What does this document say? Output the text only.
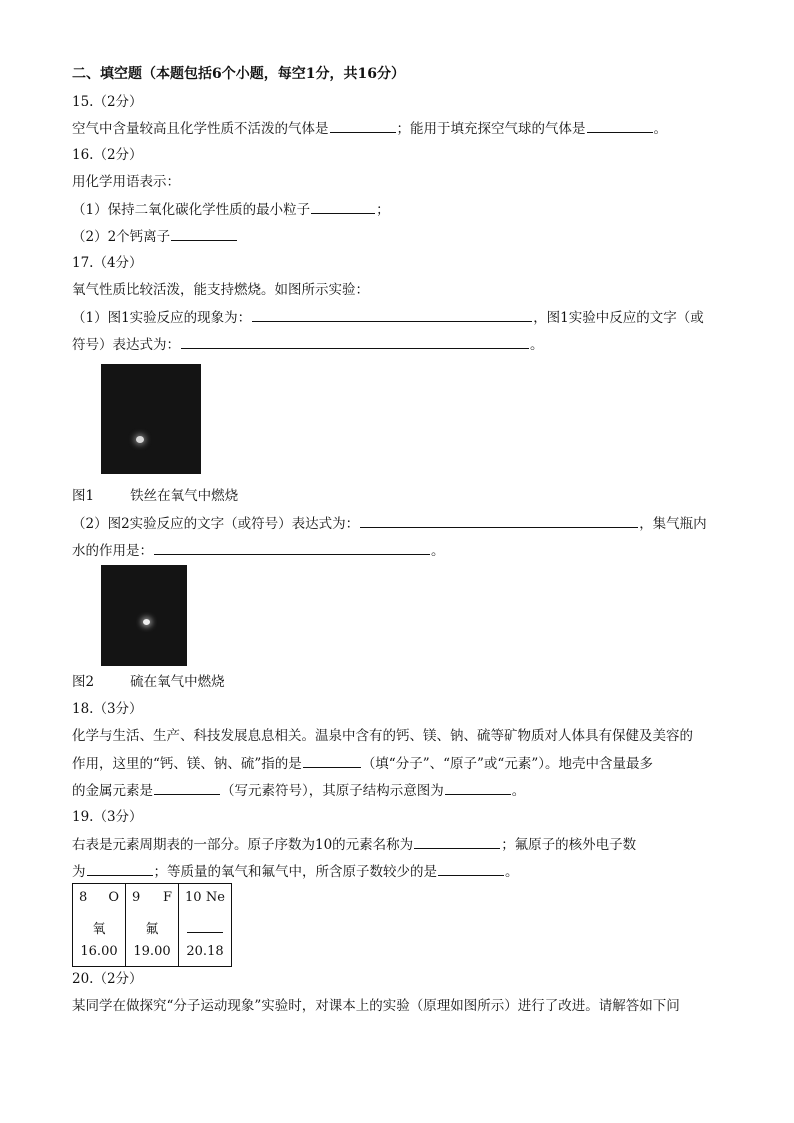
二、填空题（本题包括6个小题，每空1分，共16分）
15.（2分）
空气中含量较高且化学性质不活泼的气体是	；能用于填充探空气球的气体是	。
16.（2分）
用化学用语表示：
（1）保持二氧化碳化学性质的最小粒子	；
（2）2个钙离子
17.（4分）
氧气性质比较活泼，能支持燃烧。如图所示实验：
（1）图1实验反应的现象为：	，图1实验中反应的文字（或
符号）表达式为：	。
图1	铁丝在氧气中燃烧
（2）图2实验反应的文字（或符号）表达式为：	，集气瓶内
水的作用是：	。
图2	硫在氧气中燃烧
18.（3分）
化学与生活、生产、科技发展息息相关。温泉中含有的钙、镁、钠、硫等矿物质对人体具有保健及美容的
作用，这里的“钙、镁、钠、硫”指的是	（填“分子”、“原子”或“元素”）。地壳中含量最多
的金属元素是	（写元素符号），其原子结构示意图为	。
19.（3分）
右表是元素周期表的一部分。原子序数为10的元素名称为	；氟原子的核外电子数
为	；等质量的氧气和氟气中，所含原子数较少的是	。
8 O
氧
16.00

9 F
氟
19.00

10 Ne
20.18
20.（2分）
某同学在做探究“分子运动现象”实验时，对课本上的实验（原理如图所示）进行了改进。请解答如下问
